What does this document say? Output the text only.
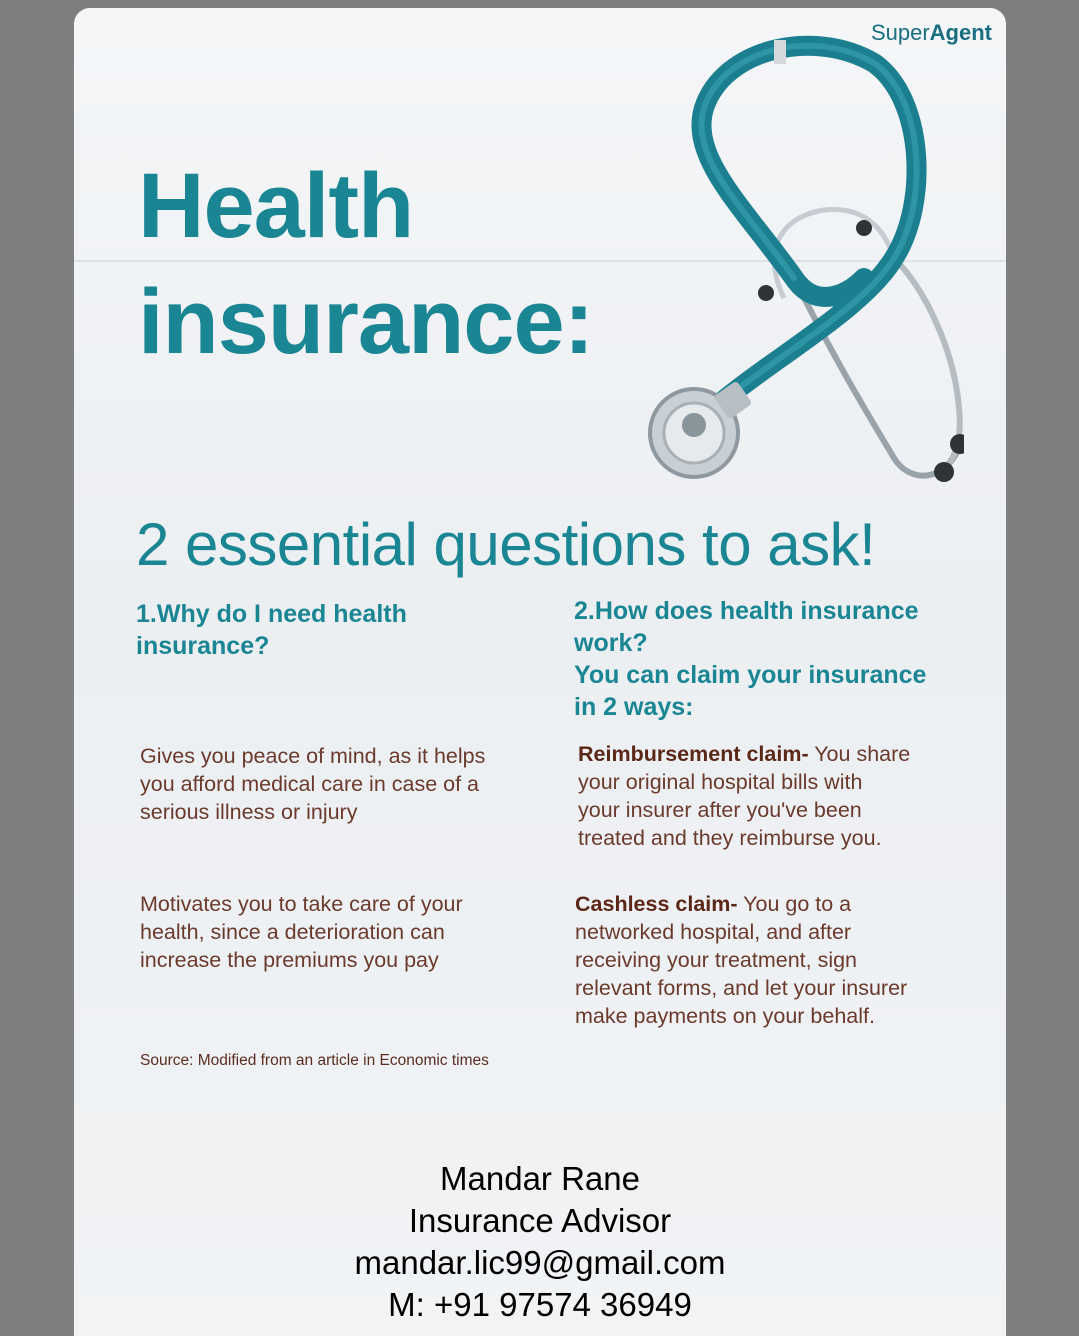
SuperAgent
Health
insurance:
2 essential questions to ask!
1.Why do I need health
insurance?
2.How does health insurance
work?
You can claim your insurance
in 2 ways:
Gives you peace of mind, as it helps
you afford medical care in case of a
serious illness or injury
Motivates you to take care of your
health, since a deterioration can
increase the premiums you pay
Reimbursement claim- You share
your original hospital bills with
your insurer after you've been
treated and they reimburse you.
Cashless claim- You go to a
networked hospital, and after
receiving your treatment, sign
relevant forms, and let your insurer
make payments on your behalf.
Source: Modified from an article in Economic times
Mandar Rane
Insurance Advisor
mandar.lic99@gmail.com
M: +91 97574 36949
